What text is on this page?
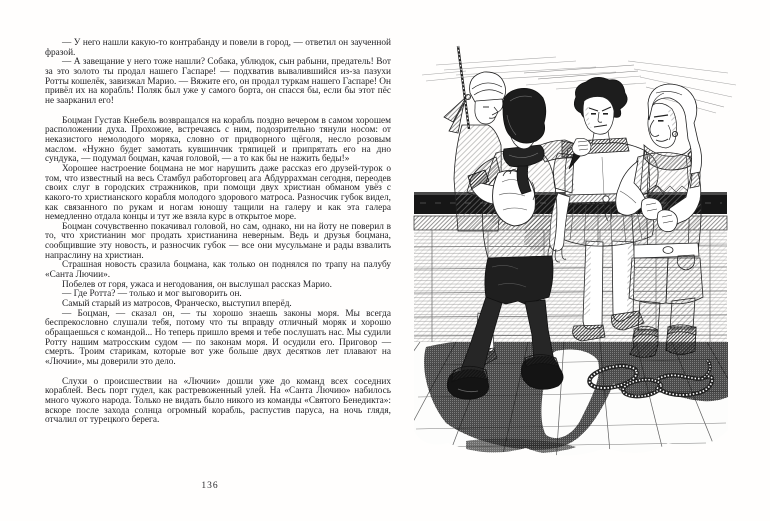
— У него нашли какую-то контрабанду и повели в город, — ответил он заученной фразой.

— А завещание у него тоже нашли? Собака, ублюдок, сын рабыни, предатель! Вот за это золото ты продал нашего Гаспаре! — подхватив вывалившийся из-за пазухи Ротты кошелёк, завизжал Марио. — Вяжите его, он продал туркам нашего Гаспаре! Он привёл их на корабль! Поляк был уже у самого борта, он спасся бы, если бы этот пёс не заарканил его!

Боцман Густав Кнебель возвращался на корабль поздно вечером в самом хорошем расположении духа. Прохожие, встречаясь с ним, подозрительно тянули носом: от неказистого немолодого моряка, словно от придворного щёголя, несло розовым маслом. «Нужно будет замотать кувшинчик тряпицей и припрятать его на дно сундука, — подумал боцман, качая головой, — а то как бы не нажить беды!»

Хорошее настроение боцмана не мог нарушить даже рассказ его друзей-турок о том, что известный на весь Стамбул работорговец ага Абдуррахман сегодня, переодев своих слуг в городских стражников, при помощи двух христиан обманом увёз с какого-то христианского корабля молодого здорового матроса. Разносчик губок видел, как связанного по рукам и ногам юношу тащили на галеру и как эта галера немедленно отдала концы и тут же взяла курс в открытое море.

Боцман сочувственно покачивал головой, но сам, однако, ни на йоту не поверил в то, что христианин мог продать христианина неверным. Ведь и друзья боцмана, сообщившие эту новость, и разносчик губок — все они мусульмане и рады взвалить напраслину на христиан.

Страшная новость сразила боцмана, как только он поднялся по трапу на палубу «Санта Лючии».

Побелев от горя, ужаса и негодования, он выслушал рассказ Марио.

— Где Ротта? — только и мог выговорить он.

Самый старый из матросов, Франческо, выступил вперёд.

— Боцман, — сказал он, — ты хорошо знаешь законы моря. Мы всегда беспрекословно слушали тебя, потому что ты вправду отличный моряк и хорошо обращаешься с командой... Но теперь пришло время и тебе послушать нас. Мы судили Ротту нашим матросским судом — по законам моря. И осудили его. Приговор — смерть. Троим старикам, которые вот уже больше двух десятков лет плавают на «Лючии», мы доверили это дело.

Слухи о происшествии на «Лючии» дошли уже до команд всех соседних кораблей. Весь порт гудел, как растревоженный улей. На «Санта Лючию» набилось много чужого народа. Только не видать было никого из команды «Святого Бенедикта»: вскоре после захода солнца огромный корабль, распустив паруса, на ночь глядя, отчалил от турецкого берега.

136
